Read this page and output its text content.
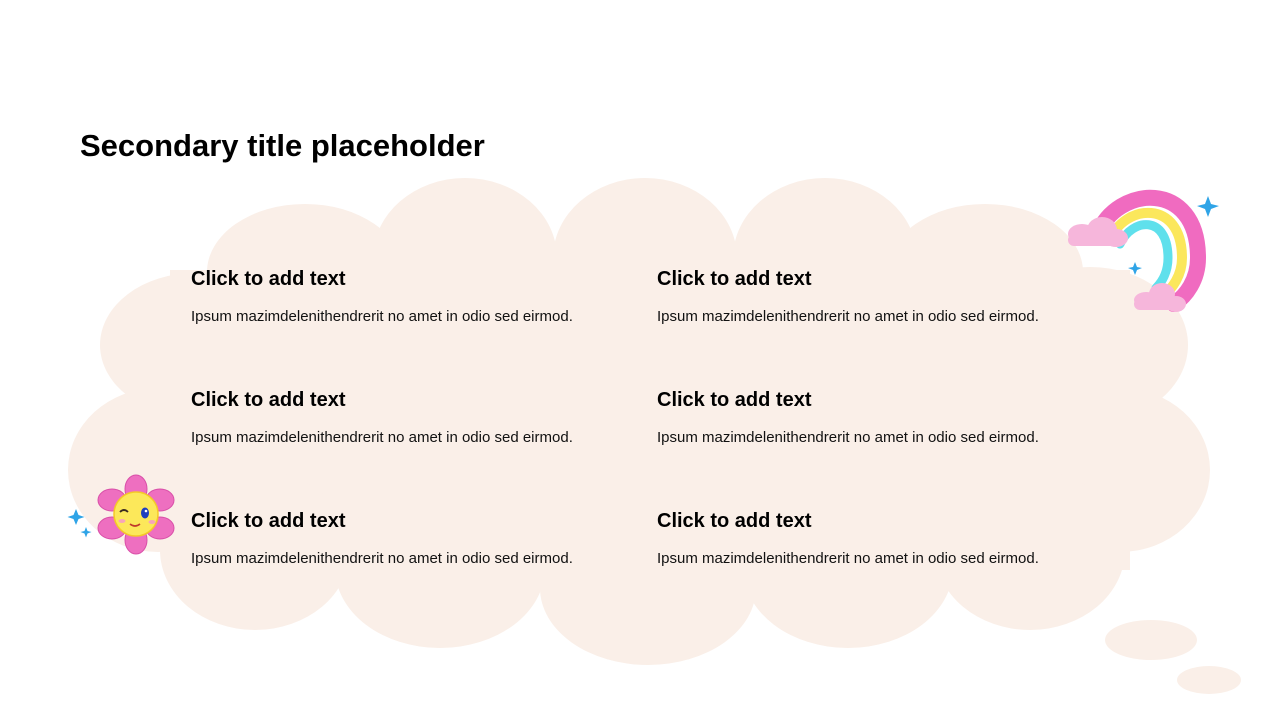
Secondary title placeholder
Click to add text
Ipsum mazimdelenithendrerit no amet in odio sed eirmod.
Click to add text
Ipsum mazimdelenithendrerit no amet in odio sed eirmod.
Click to add text
Ipsum mazimdelenithendrerit no amet in odio sed eirmod.
Click to add text
Ipsum mazimdelenithendrerit no amet in odio sed eirmod.
Click to add text
Ipsum mazimdelenithendrerit no amet in odio sed eirmod.
Click to add text
Ipsum mazimdelenithendrerit no amet in odio sed eirmod.
